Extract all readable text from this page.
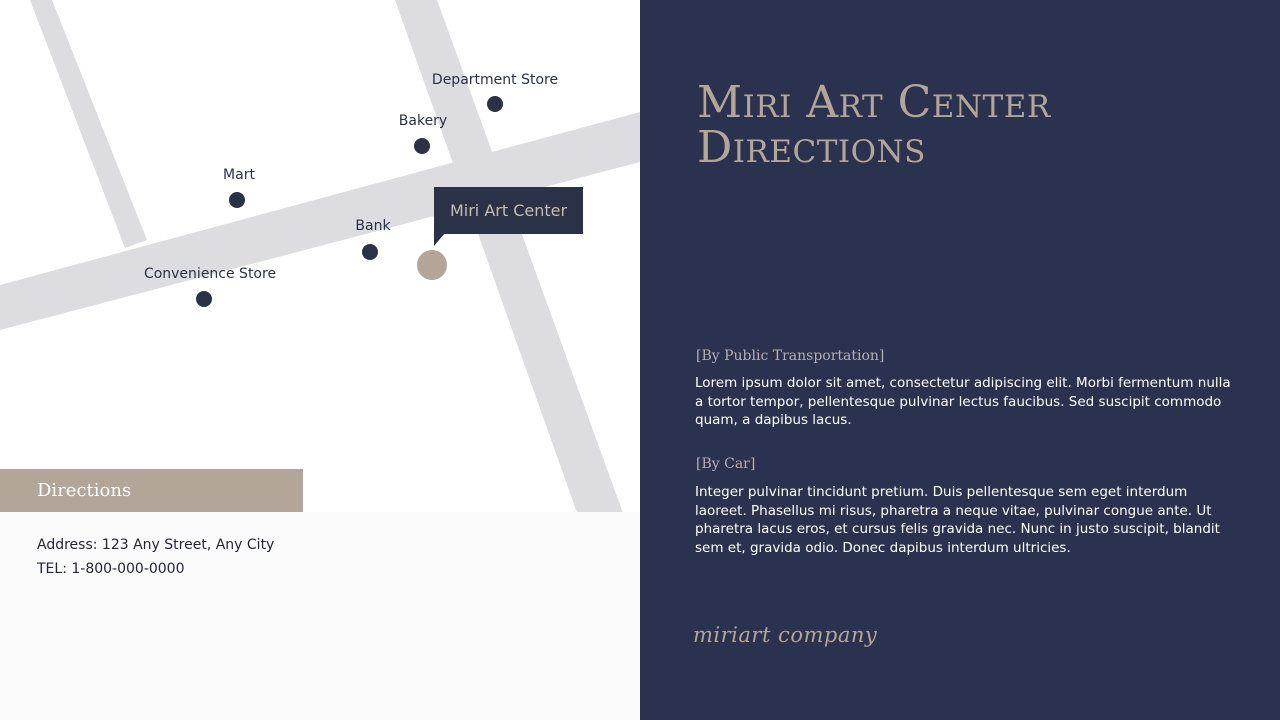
Department Store
Bakery
Mart
Bank
Convenience Store
Miri Art Center
Address: 123 Any Street, Any City
TEL: 1-800-000-0000
Directions
Miri Art Center
Directions
[By Public Transportation]
Lorem ipsum dolor sit amet, consectetur adipiscing elit. Morbi fermentum nulla a tortor tempor, pellentesque pulvinar lectus faucibus. Sed suscipit commodo quam, a dapibus lacus.
[By Car]
Integer pulvinar tincidunt pretium. Duis pellentesque sem eget interdum laoreet. Phasellus mi risus, pharetra a neque vitae, pulvinar congue ante. Ut pharetra lacus eros, et cursus felis gravida nec. Nunc in justo suscipit, blandit sem et, gravida odio. Donec dapibus interdum ultricies.
miriart company
